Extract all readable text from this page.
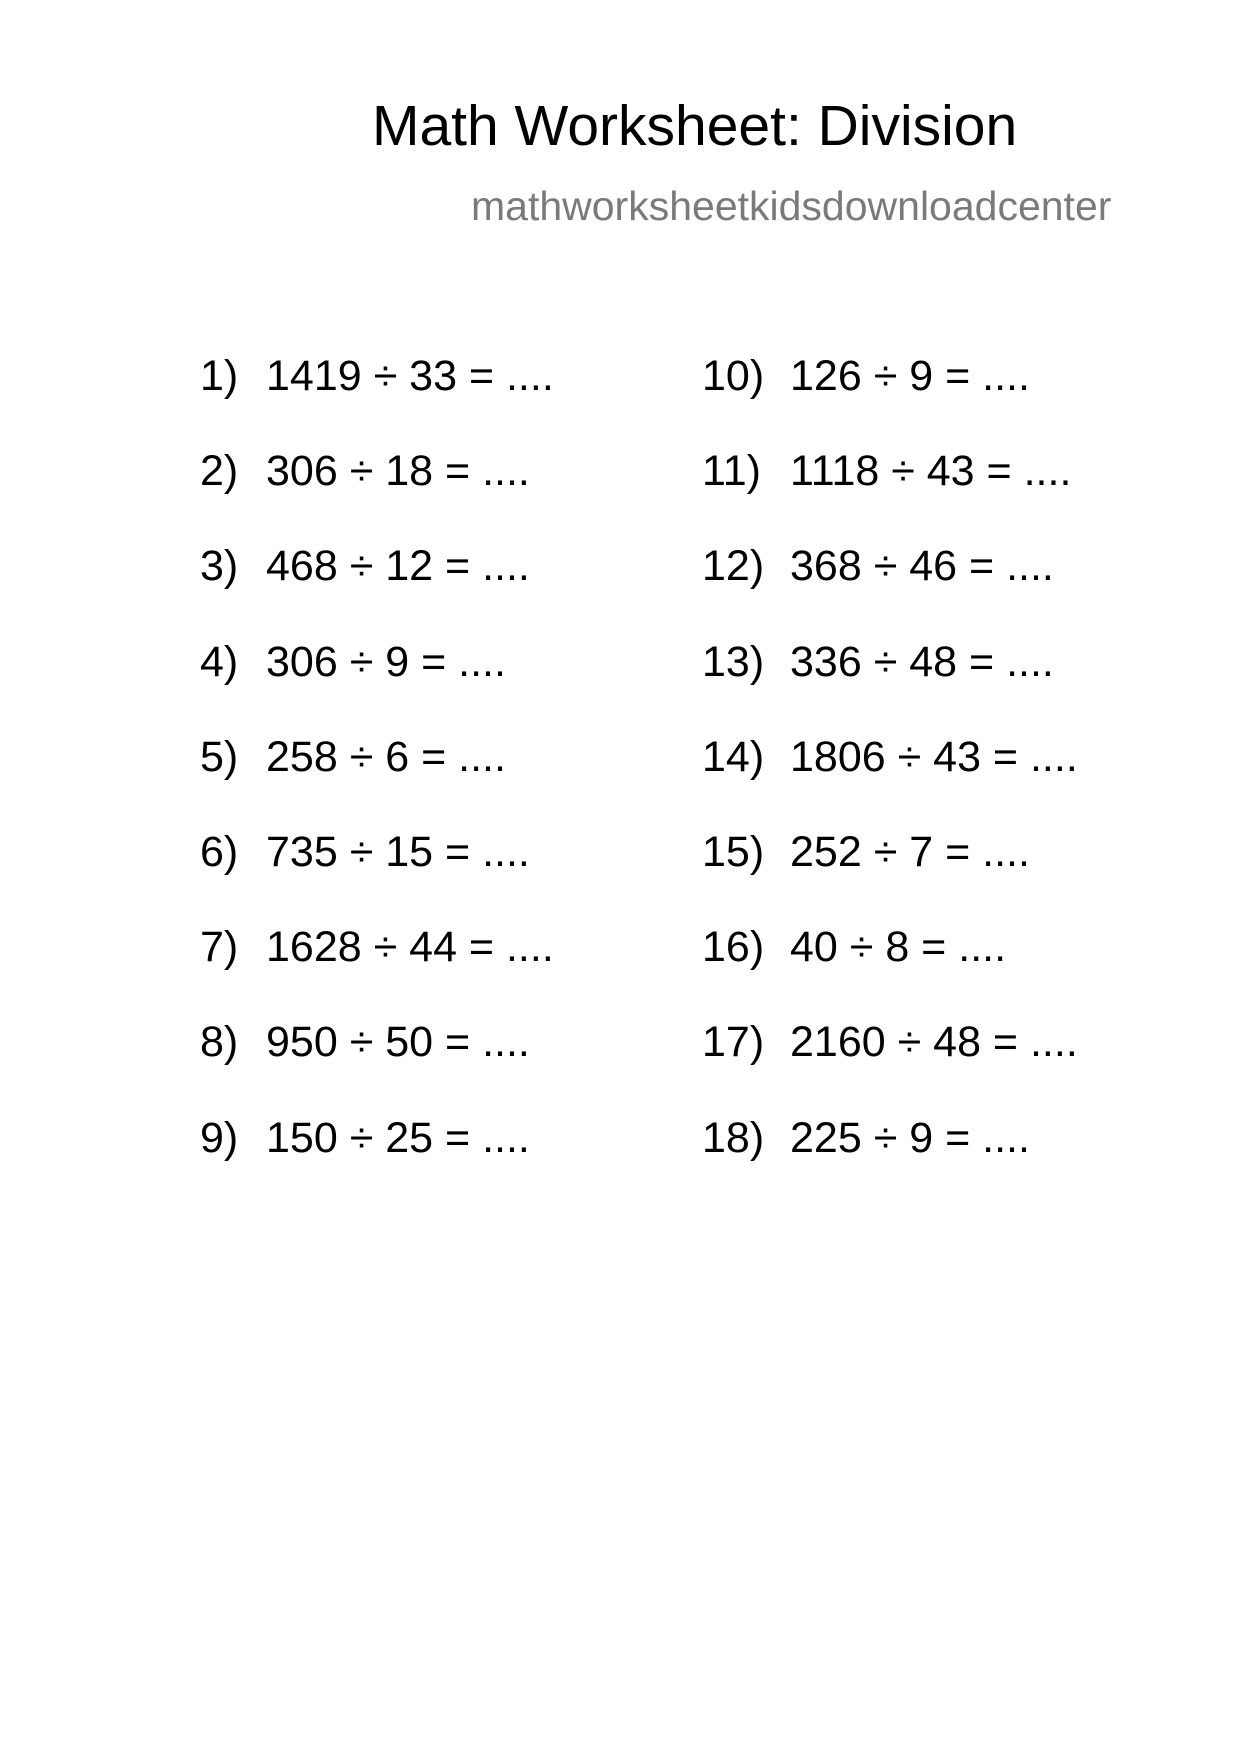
Math Worksheet: Division
mathworksheetkidsdownloadcenter
1) 1419 ÷ 33 = ....
2) 306 ÷ 18 = ....
3) 468 ÷ 12 = ....
4) 306 ÷ 9 = ....
5) 258 ÷ 6 = ....
6) 735 ÷ 15 = ....
7) 1628 ÷ 44 = ....
8) 950 ÷ 50 = ....
9) 150 ÷ 25 = ....
10) 126 ÷ 9 = ....
11) 1118 ÷ 43 = ....
12) 368 ÷ 46 = ....
13) 336 ÷ 48 = ....
14) 1806 ÷ 43 = ....
15) 252 ÷ 7 = ....
16) 40 ÷ 8 = ....
17) 2160 ÷ 48 = ....
18) 225 ÷ 9 = ....
